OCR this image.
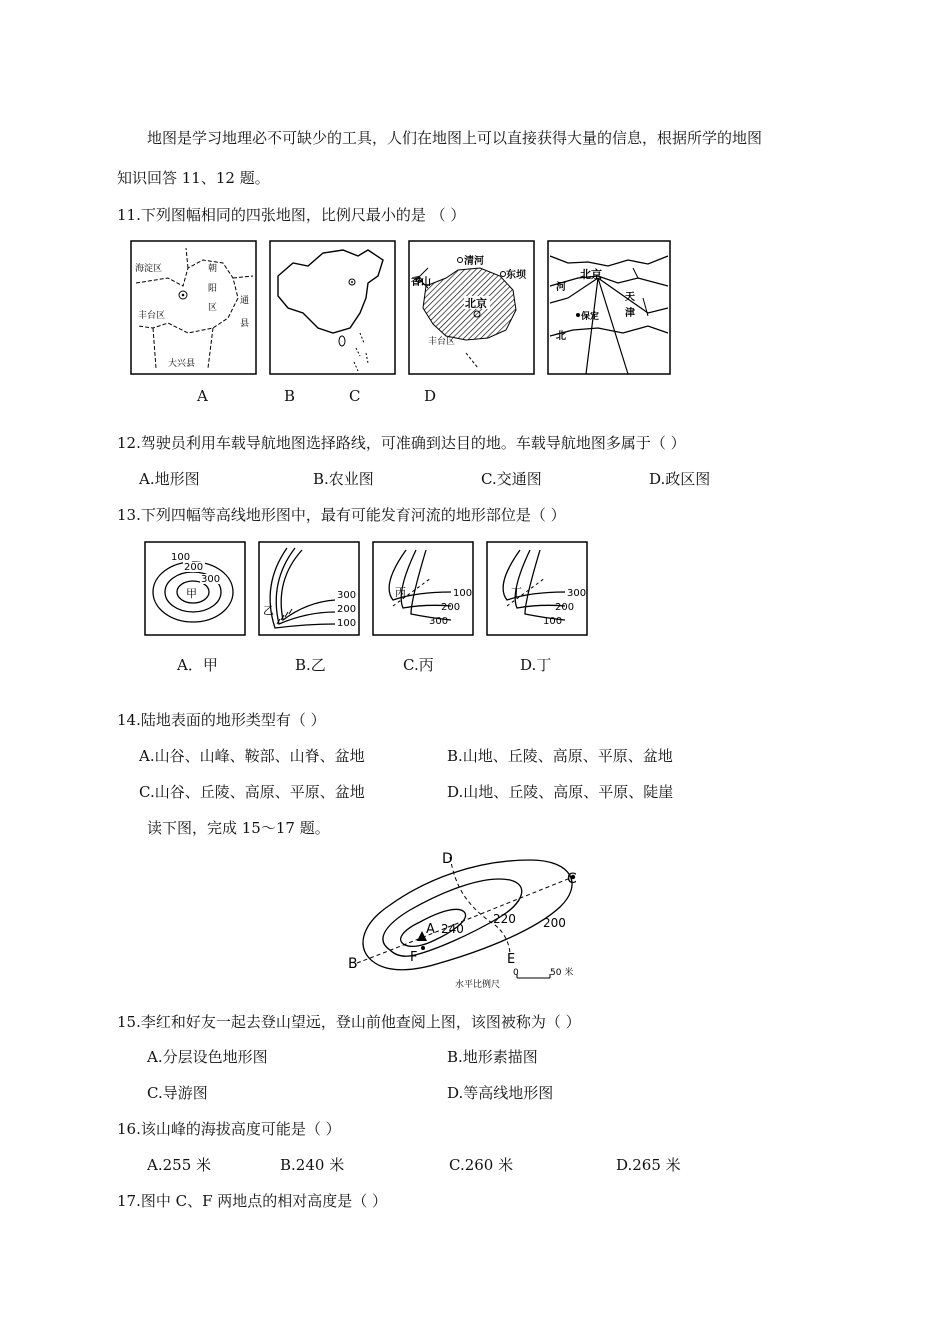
地图是学习地理必不可缺少的工具，人们在地图上可以直接获得大量的信息，根据所学的地图
知识回答 11、12 题。
11.下列图幅相同的四张地图，比例尺最小的是 （ ）
海淀区	朝
阳
区
通
县
丰台区
大兴县
清河
东坝
香山
北京
丰台区
北京
河
天
津
保定
北
A	B	C	D
12.驾驶员利用车载导航地图选择路线，可准确到达目的地。车载导航地图多属于（ ）
A.地形图	B.农业图	C.交通图	D.政区图
13.下列四幅等高线地形图中，最有可能发育河流的地形部位是（ ）
100
200
300
甲	300
200
100
乙
100
200
300
丙	300
200
100
丁
A．甲	B.乙	C.丙	D.丁
14.陆地表面的地形类型有（ ）
A.山谷、山峰、鞍部、山脊、盆地	B.山地、丘陵、高原、平原、盆地
C.山谷、丘陵、高原、平原、盆地	D.山地、丘陵、高原、平原、陡崖
读下图，完成 15～17 题。
D
C
A
F	E
B
240
220 200
水平比例尺
0	50 米
15.李红和好友一起去登山望远，登山前他查阅上图，该图被称为（ ）
A.分层设色地形图	B.地形素描图
C.导游图	D.等高线地形图
16.该山峰的海拔高度可能是（ ）
A.255 米	B.240 米	C.260 米	D.265 米
17.图中 C、F 两地点的相对高度是（ ）
